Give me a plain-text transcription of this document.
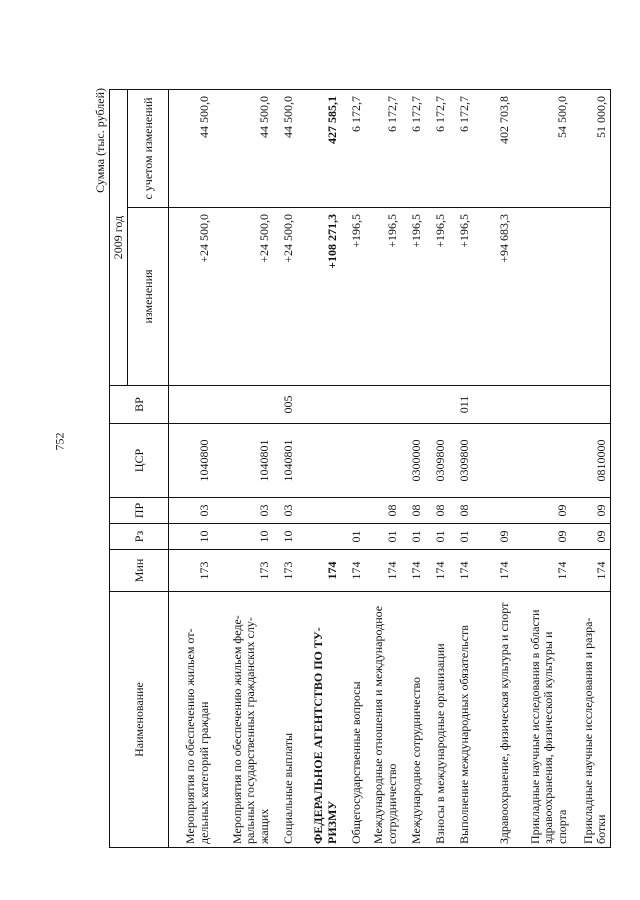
752
Сумма (тыс. рублей)
Наименование	Мин	Рз	ПР	ЦСР	ВР	2009 год	
						изменения	с учетом изменений
Мероприятия по обеспечению жильем от-дельных категорий граждан	173	10	03	1040800		+24 500,0	44 500,0
Мероприятия по обеспечению жильем феде-ральных государственных гражданских слу-жащих	173	10	03	1040801		+24 500,0	44 500,0
Социальные выплаты	173	10	03	1040801	005	+24 500,0	44 500,0
ФЕДЕРАЛЬНОЕ АГЕНТСТВО ПО ТУ-РИЗМУ	174					+108 271,3	427 585,1
Общегосударственные вопросы	174	01				+196,5	6 172,7
Международные отношения и международное сотрудничество	174	01	08			+196,5	6 172,7
Международное сотрудничество	174	01	08	0300000		+196,5	6 172,7
Взносы в международные организации	174	01	08	0309800		+196,5	6 172,7
Выполнение международных обязательств	174	01	08	0309800	011	+196,5	6 172,7
Здравоохранение, физическая культура и спорт	174	09				+94 683,3	402 703,8
Прикладные научные исследования в области здравоохранения, физической культуры и спорта	174	09	09				54 500,0
Прикладные научные исследования и разра-ботки	174	09	09	0810000			51 000,0
